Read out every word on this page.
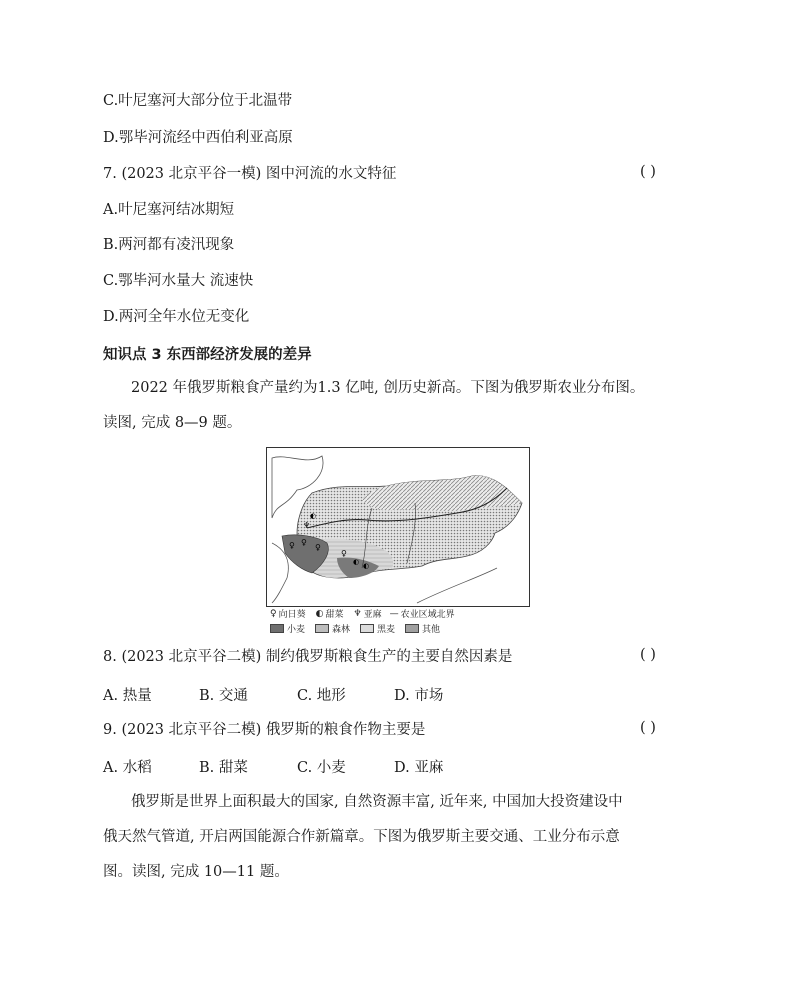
C.叶尼塞河大部分位于北温带
D.鄂毕河流经中西伯利亚高原
7. (2023 北京平谷一模) 图中河流的水文特征	( )
A.叶尼塞河结冰期短
B.两河都有凌汛现象
C.鄂毕河水量大 流速快
D.两河全年水位无变化
知识点 3 东西部经济发展的差异
2022 年俄罗斯粮食产量约为1.3 亿吨, 创历史新高。下图为俄罗斯农业分布图。
读图, 完成 8—9 题。
♀ ♀
♀
♀
♆
◐
◐ ◐
♀ 向日葵 ◐ 甜菜 ♆ 亚麻 — 农业区域北界
小麦	森林	黑麦	其他
8. (2023 北京平谷二模) 制约俄罗斯粮食生产的主要自然因素是	( )
A. 热量	B. 交通	C. 地形	D. 市场
9. (2023 北京平谷二模) 俄罗斯的粮食作物主要是	( )
A. 水稻	B. 甜菜	C. 小麦	D. 亚麻
俄罗斯是世界上面积最大的国家, 自然资源丰富, 近年来, 中国加大投资建设中
俄天然气管道, 开启两国能源合作新篇章。下图为俄罗斯主要交通、工业分布示意
图。读图, 完成 10—11 题。
